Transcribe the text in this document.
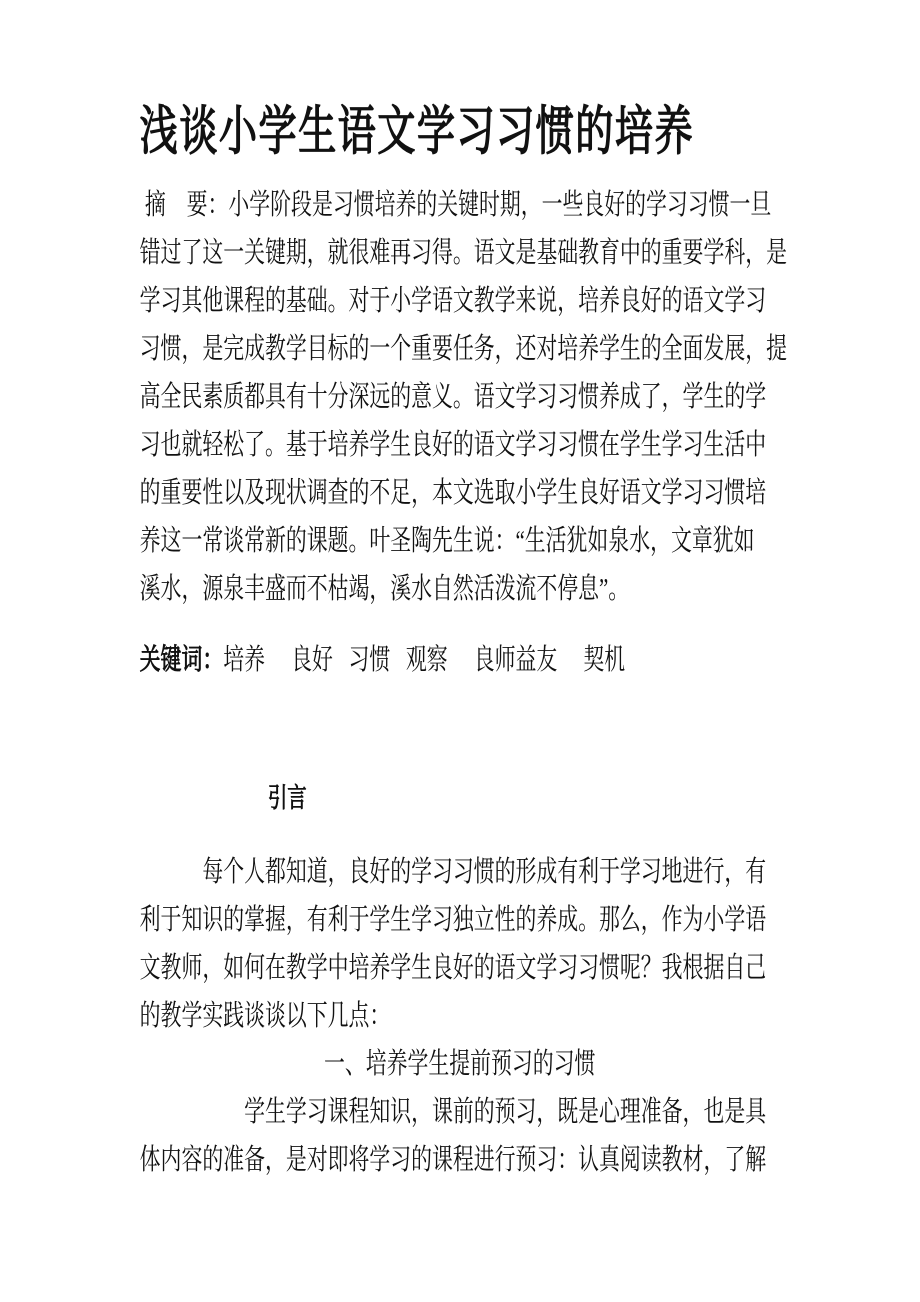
浅谈小学生语文学习习惯的培养
摘　要：小学阶段是习惯培养的关键时期，一些良好的学习习惯一旦
错过了这一关键期，就很难再习得。语文是基础教育中的重要学科，是
学习其他课程的基础。对于小学语文教学来说，培养良好的语文学习
习惯，是完成教学目标的一个重要任务，还对培养学生的全面发展，提
高全民素质都具有十分深远的意义。语文学习习惯养成了，学生的学
习也就轻松了。基于培养学生良好的语文学习习惯在学生学习生活中
的重要性以及现状调查的不足，本文选取小学生良好语文学习习惯培
养这一常谈常新的课题。叶圣陶先生说：“生活犹如泉水，文章犹如
溪水，源泉丰盛而不枯竭，溪水自然活泼流不停息”。
关键词：培养　 良好   习惯   观察　 良师益友　 契机
引言
每个人都知道，良好的学习习惯的形成有利于学习地进行，有
利于知识的掌握，有利于学生学习独立性的养成。那么，作为小学语
文教师，如何在教学中培养学生良好的语文学习习惯呢？我根据自己
的教学实践谈谈以下几点：
一、培养学生提前预习的习惯
学生学习课程知识，课前的预习，既是心理准备，也是具
体内容的准备，是对即将学习的课程进行预习：认真阅读教材，了解
